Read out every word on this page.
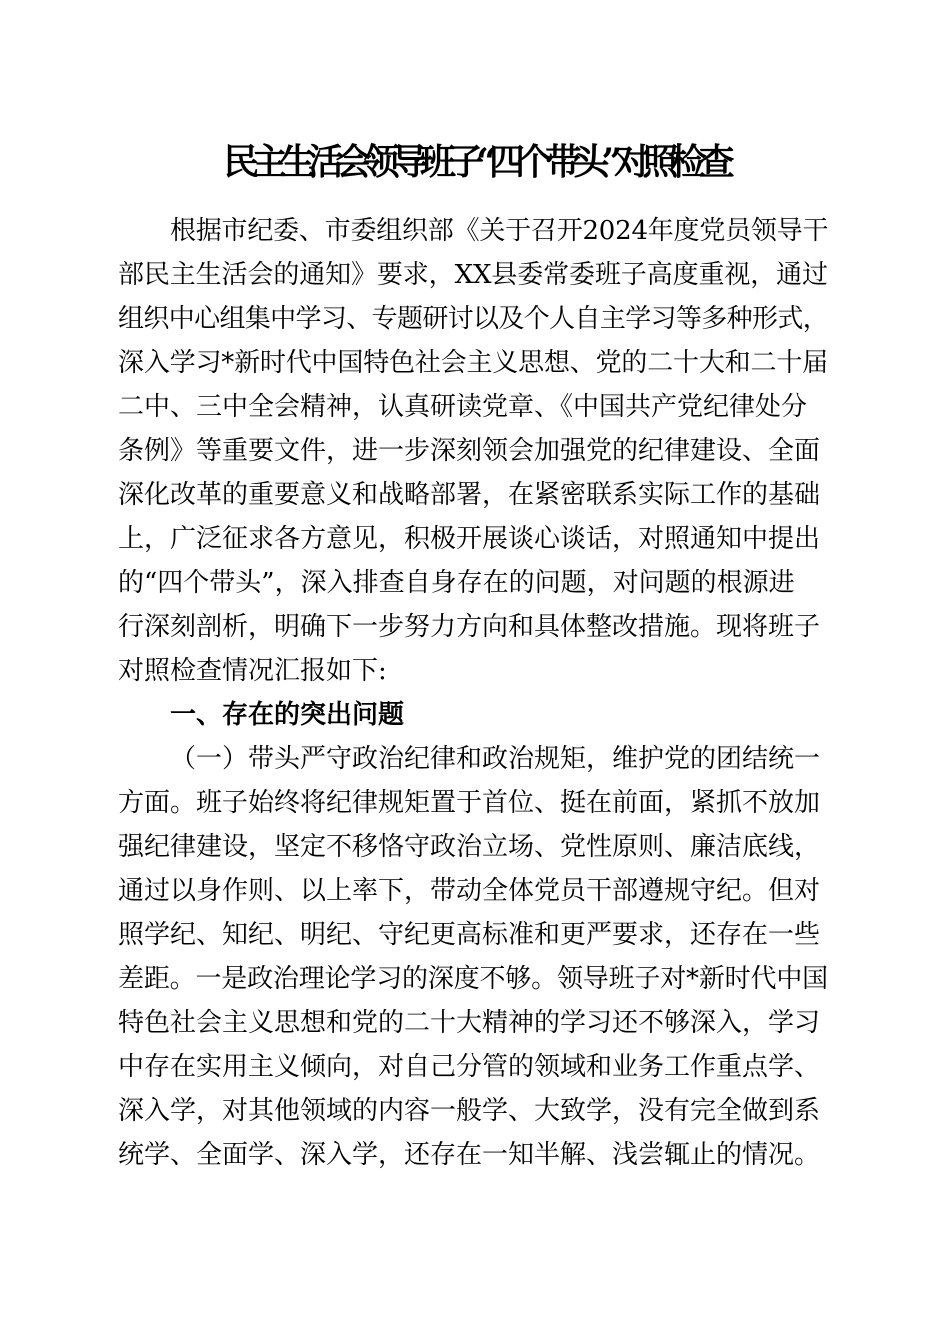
民主生活会领导班子“四个带头”对照检查
根据市纪委、市委组织部《关于召开2024年度党员领导干
部民主生活会的通知》要求，XX县委常委班子高度重视，通过
组织中心组集中学习、专题研讨以及个人自主学习等多种形式，
深入学习*新时代中国特色社会主义思想、党的二十大和二十届
二中、三中全会精神，认真研读党章、《中国共产党纪律处分
条例》等重要文件，进一步深刻领会加强党的纪律建设、全面
深化改革的重要意义和战略部署，在紧密联系实际工作的基础
上，广泛征求各方意见，积极开展谈心谈话，对照通知中提出
的“四个带头”，深入排查自身存在的问题，对问题的根源进
行深刻剖析，明确下一步努力方向和具体整改措施。现将班子
对照检查情况汇报如下:
一、存在的突出问题
（一）带头严守政治纪律和政治规矩，维护党的团结统一
方面。班子始终将纪律规矩置于首位、挺在前面，紧抓不放加
强纪律建设，坚定不移恪守政治立场、党性原则、廉洁底线，
通过以身作则、以上率下，带动全体党员干部遵规守纪。但对
照学纪、知纪、明纪、守纪更高标准和更严要求，还存在一些
差距。一是政治理论学习的深度不够。领导班子对*新时代中国
特色社会主义思想和党的二十大精神的学习还不够深入，学习
中存在实用主义倾向，对自己分管的领域和业务工作重点学、
深入学，对其他领域的内容一般学、大致学，没有完全做到系
统学、全面学、深入学，还存在一知半解、浅尝辄止的情况。
